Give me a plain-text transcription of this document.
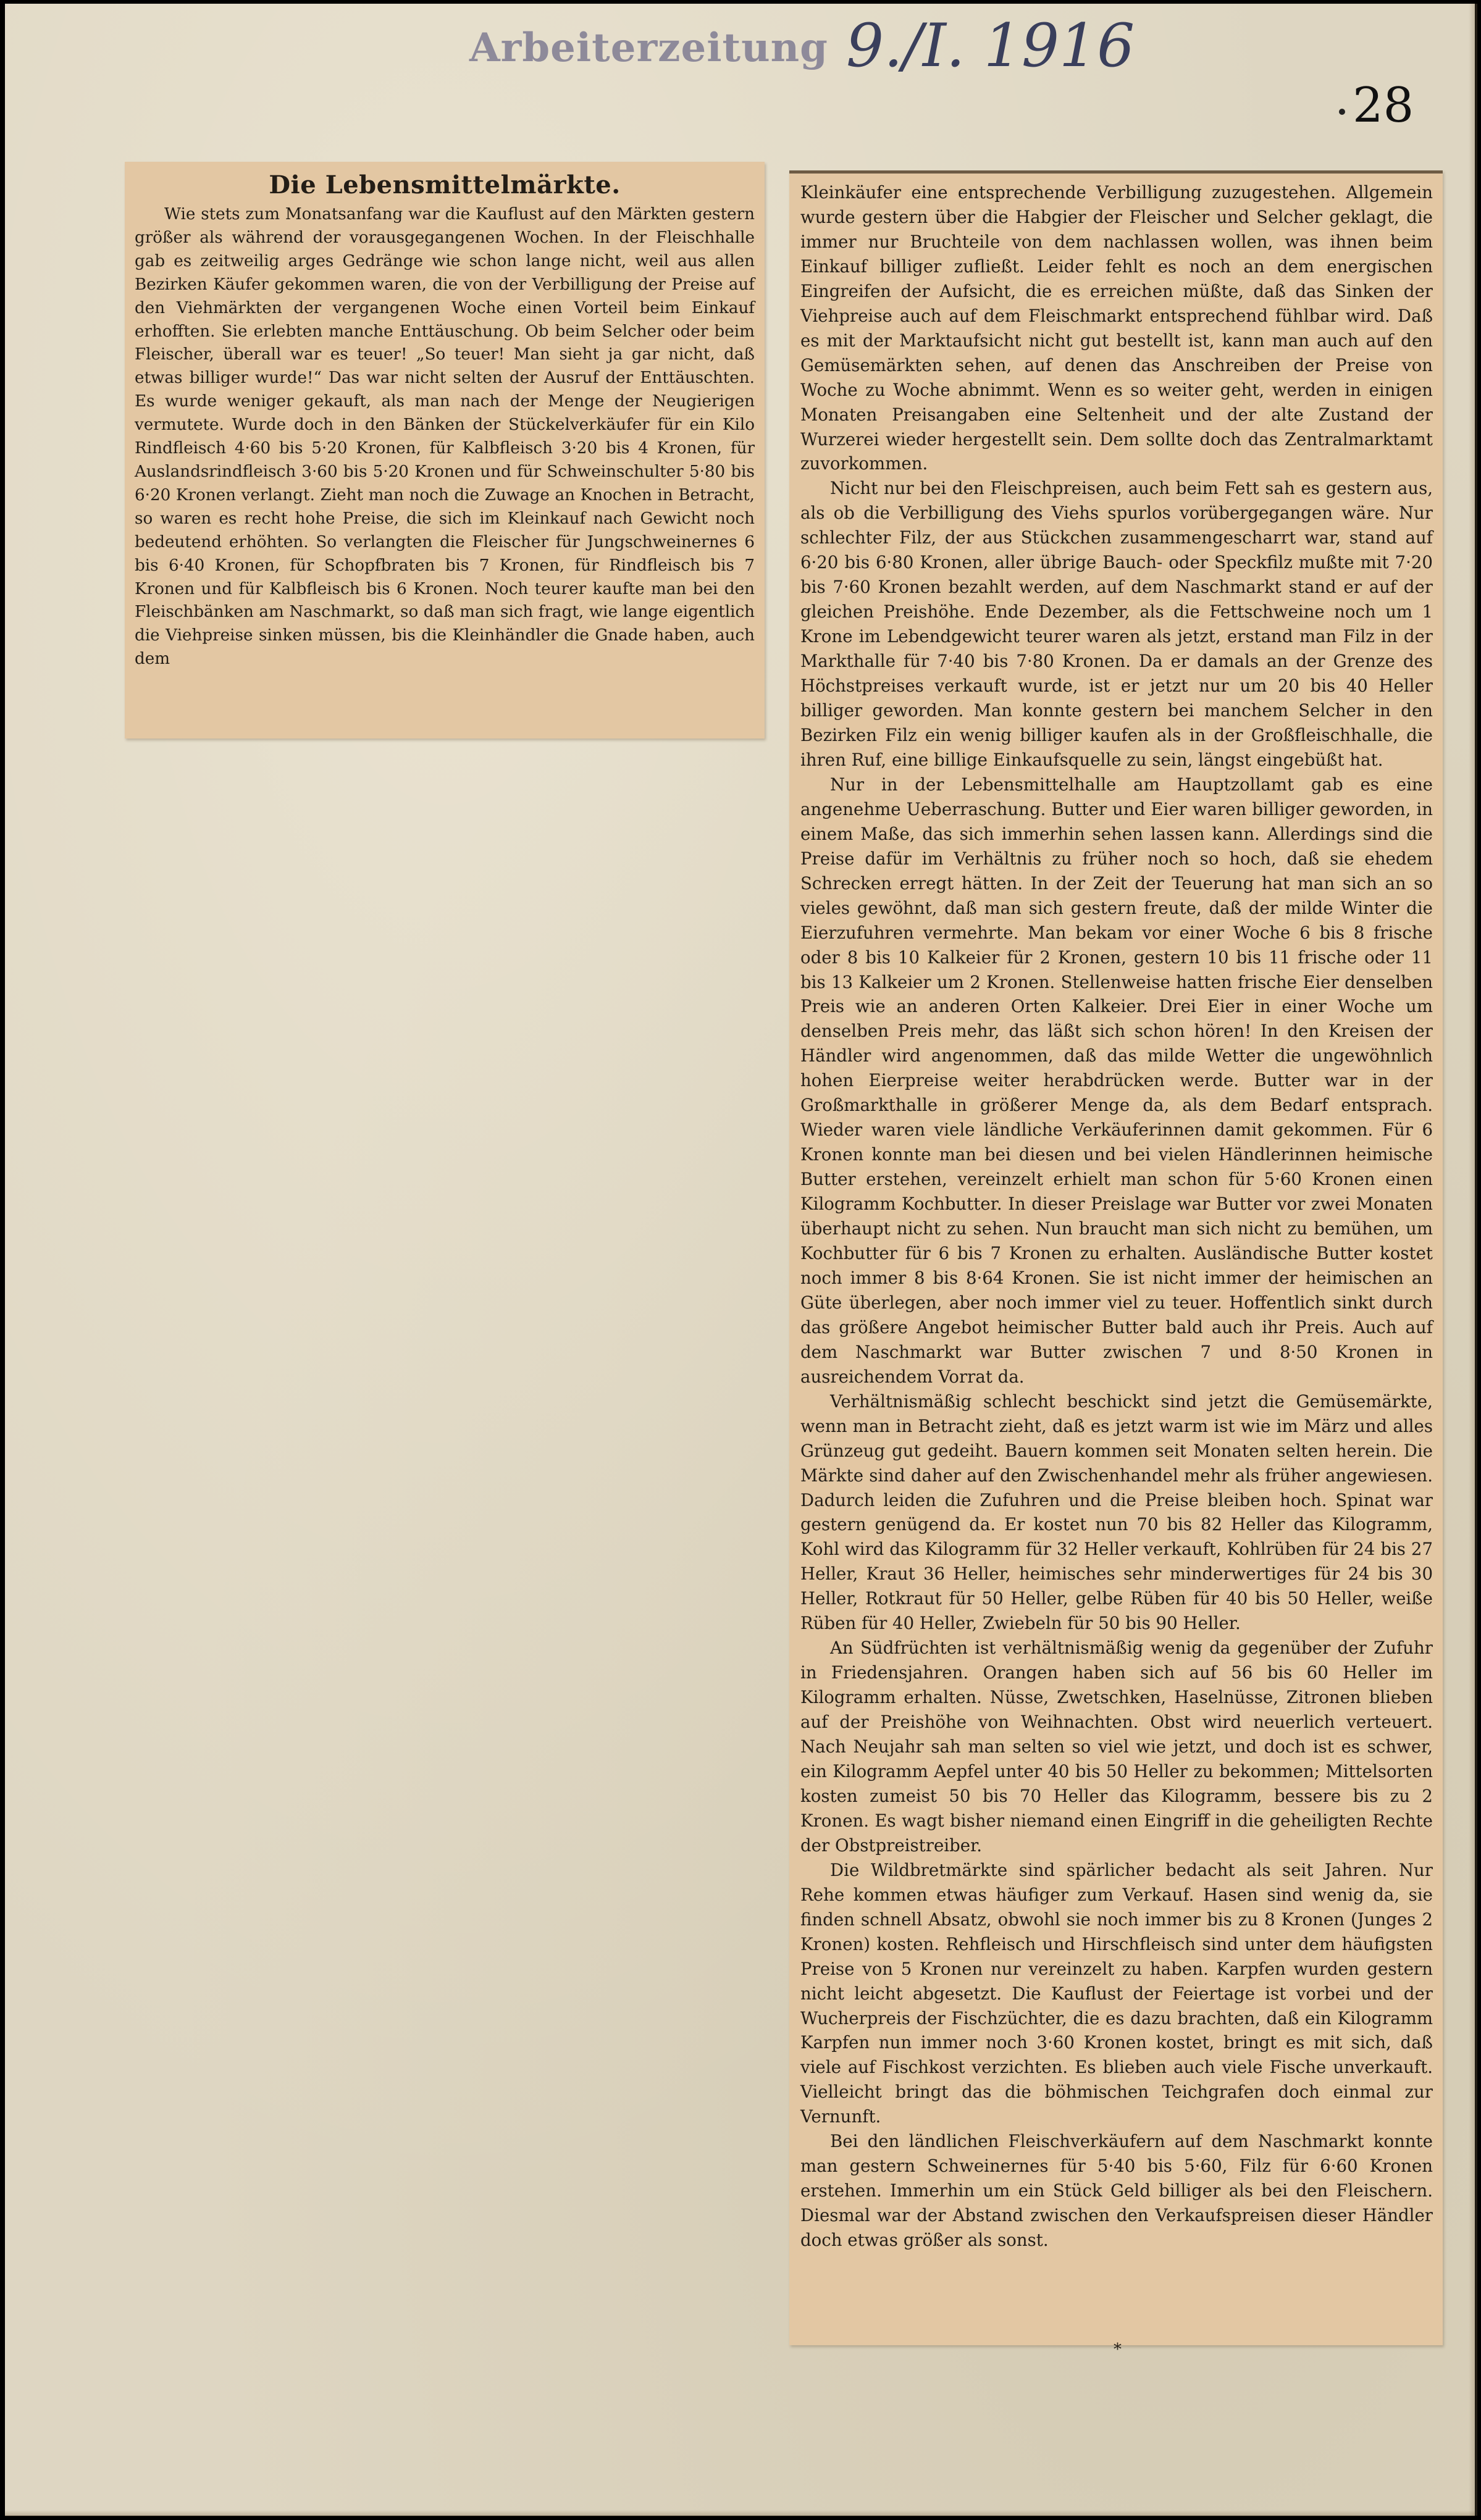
Arbeiterzeitung 9./I. 1916
28
Die Lebensmittelmärkte.

Wie stets zum Monatsanfang war die Kauflust auf den Märkten gestern größer als während der vorausgegangenen Wochen. In der Fleischhalle gab es zeitweilig arges Gedränge wie schon lange nicht, weil aus allen Bezirken Käufer gekommen waren, die von der Verbilligung der Preise auf den Viehmärkten der vergangenen Woche einen Vorteil beim Einkauf erhofften. Sie erlebten manche Enttäuschung. Ob beim Selcher oder beim Fleischer, überall war es teuer! „So teuer! Man sieht ja gar nicht, daß etwas billiger wurde!“ Das war nicht selten der Ausruf der Enttäuschten. Es wurde weniger gekauft, als man nach der Menge der Neugierigen vermutete. Wurde doch in den Bänken der Stückelverkäufer für ein Kilo Rindfleisch 4·60 bis 5·20 Kronen, für Kalbfleisch 3·20 bis 4 Kronen, für Auslandsrindfleisch 3·60 bis 5·20 Kronen und für Schweinschulter 5·80 bis 6·20 Kronen verlangt. Zieht man noch die Zuwage an Knochen in Betracht, so waren es recht hohe Preise, die sich im Kleinkauf nach Gewicht noch bedeutend erhöhten. So verlangten die Fleischer für Jungschweinernes 6 bis 6·40 Kronen, für Schopfbraten bis 7 Kronen, für Rindfleisch bis 7 Kronen und für Kalbfleisch bis 6 Kronen. Noch teurer kaufte man bei den Fleischbänken am Naschmarkt, so daß man sich fragt, wie lange eigentlich die Viehpreise sinken müssen, bis die Kleinhändler die Gnade haben, auch dem

Kleinkäufer eine entsprechende Verbilligung zuzugestehen. Allgemein wurde gestern über die Habgier der Fleischer und Selcher geklagt, die immer nur Bruchteile von dem nachlassen wollen, was ihnen beim Einkauf billiger zufließt. Leider fehlt es noch an dem energischen Eingreifen der Aufsicht, die es erreichen müßte, daß das Sinken der Viehpreise auch auf dem Fleischmarkt entsprechend fühlbar wird. Daß es mit der Marktaufsicht nicht gut bestellt ist, kann man auch auf den Gemüsemärkten sehen, auf denen das Anschreiben der Preise von Woche zu Woche abnimmt. Wenn es so weiter geht, werden in einigen Monaten Preisangaben eine Seltenheit und der alte Zustand der Wurzerei wieder hergestellt sein. Dem sollte doch das Zentralmarktamt zuvorkommen.

Nicht nur bei den Fleischpreisen, auch beim Fett sah es gestern aus, als ob die Verbilligung des Viehs spurlos vorübergegangen wäre. Nur schlechter Filz, der aus Stückchen zusammengescharrt war, stand auf 6·20 bis 6·80 Kronen, aller übrige Bauch- oder Speckfilz mußte mit 7·20 bis 7·60 Kronen bezahlt werden, auf dem Naschmarkt stand er auf der gleichen Preishöhe. Ende Dezember, als die Fettschweine noch um 1 Krone im Lebendgewicht teurer waren als jetzt, erstand man Filz in der Markthalle für 7·40 bis 7·80 Kronen. Da er damals an der Grenze des Höchstpreises verkauft wurde, ist er jetzt nur um 20 bis 40 Heller billiger geworden. Man konnte gestern bei manchem Selcher in den Bezirken Filz ein wenig billiger kaufen als in der Großfleischhalle, die ihren Ruf, eine billige Einkaufsquelle zu sein, längst eingebüßt hat.

Nur in der Lebensmittelhalle am Hauptzollamt gab es eine angenehme Ueberraschung. Butter und Eier waren billiger geworden, in einem Maße, das sich immerhin sehen lassen kann. Allerdings sind die Preise dafür im Verhältnis zu früher noch so hoch, daß sie ehedem Schrecken erregt hätten. In der Zeit der Teuerung hat man sich an so vieles gewöhnt, daß man sich gestern freute, daß der milde Winter die Eierzufuhren vermehrte. Man bekam vor einer Woche 6 bis 8 frische oder 8 bis 10 Kalkeier für 2 Kronen, gestern 10 bis 11 frische oder 11 bis 13 Kalkeier um 2 Kronen. Stellenweise hatten frische Eier denselben Preis wie an anderen Orten Kalkeier. Drei Eier in einer Woche um denselben Preis mehr, das läßt sich schon hören! In den Kreisen der Händler wird angenommen, daß das milde Wetter die ungewöhnlich hohen Eierpreise weiter herabdrücken werde. Butter war in der Großmarkthalle in größerer Menge da, als dem Bedarf entsprach. Wieder waren viele ländliche Verkäuferinnen damit gekommen. Für 6 Kronen konnte man bei diesen und bei vielen Händlerinnen heimische Butter erstehen, vereinzelt erhielt man schon für 5·60 Kronen einen Kilogramm Kochbutter. In dieser Preislage war Butter vor zwei Monaten überhaupt nicht zu sehen. Nun braucht man sich nicht zu bemühen, um Kochbutter für 6 bis 7 Kronen zu erhalten. Ausländische Butter kostet noch immer 8 bis 8·64 Kronen. Sie ist nicht immer der heimischen an Güte überlegen, aber noch immer viel zu teuer. Hoffentlich sinkt durch das größere Angebot heimischer Butter bald auch ihr Preis. Auch auf dem Naschmarkt war Butter zwischen 7 und 8·50 Kronen in ausreichendem Vorrat da.

Verhältnismäßig schlecht beschickt sind jetzt die Gemüsemärkte, wenn man in Betracht zieht, daß es jetzt warm ist wie im März und alles Grünzeug gut gedeiht. Bauern kommen seit Monaten selten herein. Die Märkte sind daher auf den Zwischenhandel mehr als früher angewiesen. Dadurch leiden die Zufuhren und die Preise bleiben hoch. Spinat war gestern genügend da. Er kostet nun 70 bis 82 Heller das Kilogramm, Kohl wird das Kilogramm für 32 Heller verkauft, Kohlrüben für 24 bis 27 Heller, Kraut 36 Heller, heimisches sehr minderwertiges für 24 bis 30 Heller, Rotkraut für 50 Heller, gelbe Rüben für 40 bis 50 Heller, weiße Rüben für 40 Heller, Zwiebeln für 50 bis 90 Heller.

An Südfrüchten ist verhältnismäßig wenig da gegenüber der Zufuhr in Friedensjahren. Orangen haben sich auf 56 bis 60 Heller im Kilogramm erhalten. Nüsse, Zwetschken, Haselnüsse, Zitronen blieben auf der Preishöhe von Weihnachten. Obst wird neuerlich verteuert. Nach Neujahr sah man selten so viel wie jetzt, und doch ist es schwer, ein Kilogramm Aepfel unter 40 bis 50 Heller zu bekommen; Mittelsorten kosten zumeist 50 bis 70 Heller das Kilogramm, bessere bis zu 2 Kronen. Es wagt bisher niemand einen Eingriff in die geheiligten Rechte der Obstpreistreiber.

Die Wildbretmärkte sind spärlicher bedacht als seit Jahren. Nur Rehe kommen etwas häufiger zum Verkauf. Hasen sind wenig da, sie finden schnell Absatz, obwohl sie noch immer bis zu 8 Kronen (Junges 2 Kronen) kosten. Rehfleisch und Hirschfleisch sind unter dem häufigsten Preise von 5 Kronen nur vereinzelt zu haben. Karpfen wurden gestern nicht leicht abgesetzt. Die Kauflust der Feiertage ist vorbei und der Wucherpreis der Fischzüchter, die es dazu brachten, daß ein Kilogramm Karpfen nun immer noch 3·60 Kronen kostet, bringt es mit sich, daß viele auf Fischkost verzichten. Es blieben auch viele Fische unverkauft. Vielleicht bringt das die böhmischen Teichgrafen doch einmal zur Vernunft.

Bei den ländlichen Fleischverkäufern auf dem Naschmarkt konnte man gestern Schweinernes für 5·40 bis 5·60, Filz für 6·60 Kronen erstehen. Immerhin um ein Stück Geld billiger als bei den Fleischern. Diesmal war der Abstand zwischen den Verkaufspreisen dieser Händler doch etwas größer als sonst.

*
